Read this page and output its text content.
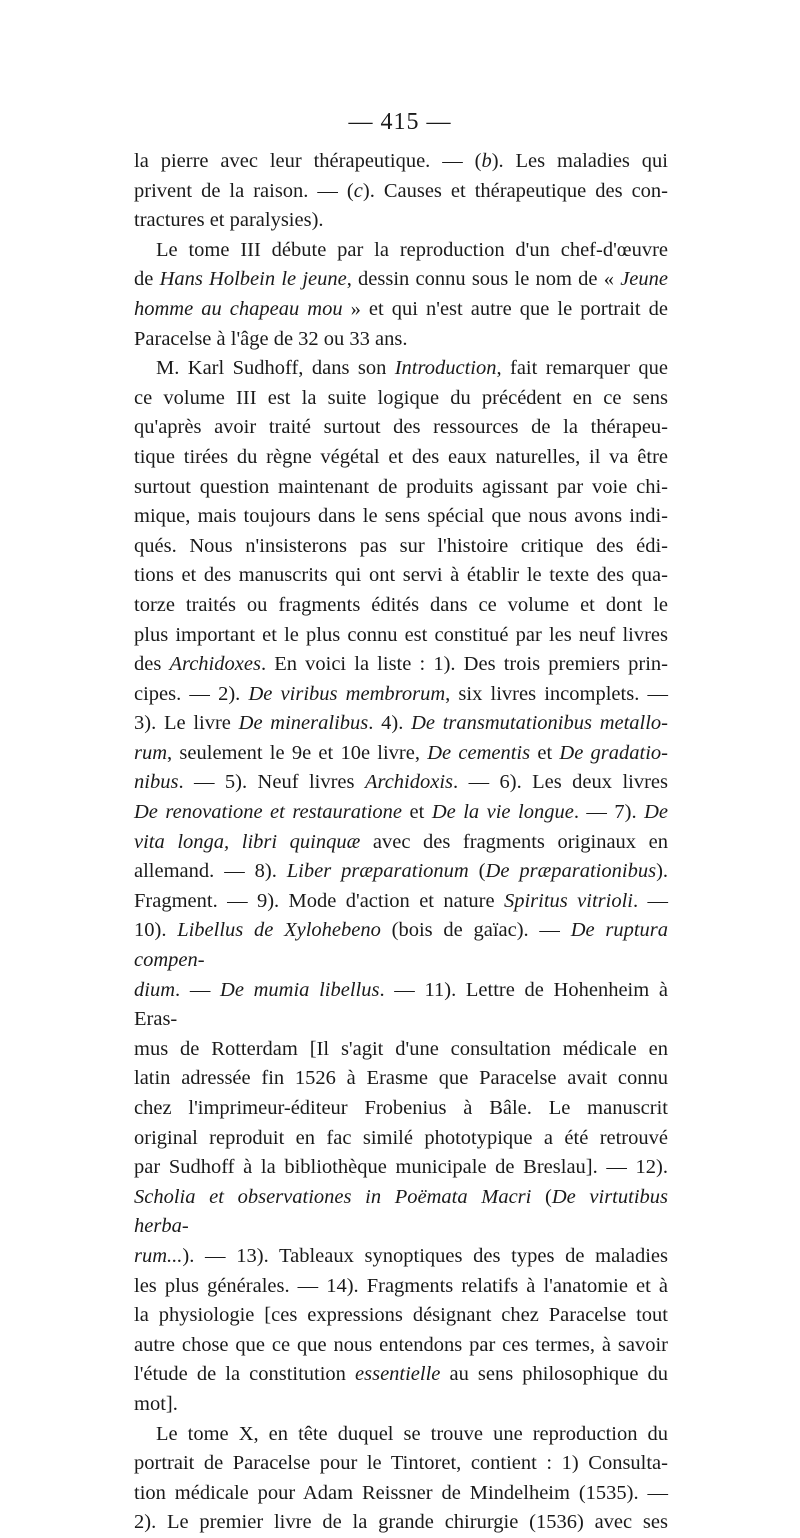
— 415 —
la pierre avec leur thérapeutique. — (b). Les maladies qui
privent de la raison. — (c). Causes et thérapeutique des con-
tractures et paralysies).
Le tome III débute par la reproduction d'un chef-d'œuvre
de Hans Holbein le jeune, dessin connu sous le nom de « Jeune
homme au chapeau mou » et qui n'est autre que le portrait de
Paracelse à l'âge de 32 ou 33 ans.
M. Karl Sudhoff, dans son Introduction, fait remarquer que
ce volume III est la suite logique du précédent en ce sens
qu'après avoir traité surtout des ressources de la thérapeu-
tique tirées du règne végétal et des eaux naturelles, il va être
surtout question maintenant de produits agissant par voie chi-
mique, mais toujours dans le sens spécial que nous avons indi-
qués. Nous n'insisterons pas sur l'histoire critique des édi-
tions et des manuscrits qui ont servi à établir le texte des qua-
torze traités ou fragments édités dans ce volume et dont le
plus important et le plus connu est constitué par les neuf livres
des Archidoxes. En voici la liste : 1). Des trois premiers prin-
cipes. — 2). De viribus membrorum, six livres incomplets. —
3). Le livre De mineralibus. 4). De transmutationibus metallo-
rum, seulement le 9e et 10e livre, De cementis et De gradatio-
nibus. — 5). Neuf livres Archidoxis. — 6). Les deux livres
De renovatione et restauratione et De la vie longue. — 7). De
vita longa, libri quinquæ avec des fragments originaux en
allemand. — 8). Liber præparationum (De præparationibus).
Fragment. — 9). Mode d'action et nature Spiritus vitrioli. —
10). Libellus de Xylohebeno (bois de gaïac). — De ruptura compen-
dium. — De mumia libellus. — 11). Lettre de Hohenheim à Eras-
mus de Rotterdam [Il s'agit d'une consultation médicale en
latin adressée fin 1526 à Erasme que Paracelse avait connu
chez l'imprimeur-éditeur Frobenius à Bâle. Le manuscrit
original reproduit en fac similé phototypique a été retrouvé
par Sudhoff à la bibliothèque municipale de Breslau]. — 12).
Scholia et observationes in Poëmata Macri (De virtutibus herba-
rum...). — 13). Tableaux synoptiques des types de maladies
les plus générales. — 14). Fragments relatifs à l'anatomie et à
la physiologie [ces expressions désignant chez Paracelse tout
autre chose que ce que nous entendons par ces termes, à savoir
l'étude de la constitution essentielle au sens philosophique du
mot].
Le tome X, en tête duquel se trouve une reproduction du
portrait de Paracelse pour le Tintoret, contient : 1) Consulta-
tion médicale pour Adam Reissner de Mindelheim (1535). —
2). Le premier livre de la grande chirurgie (1536) avec ses
